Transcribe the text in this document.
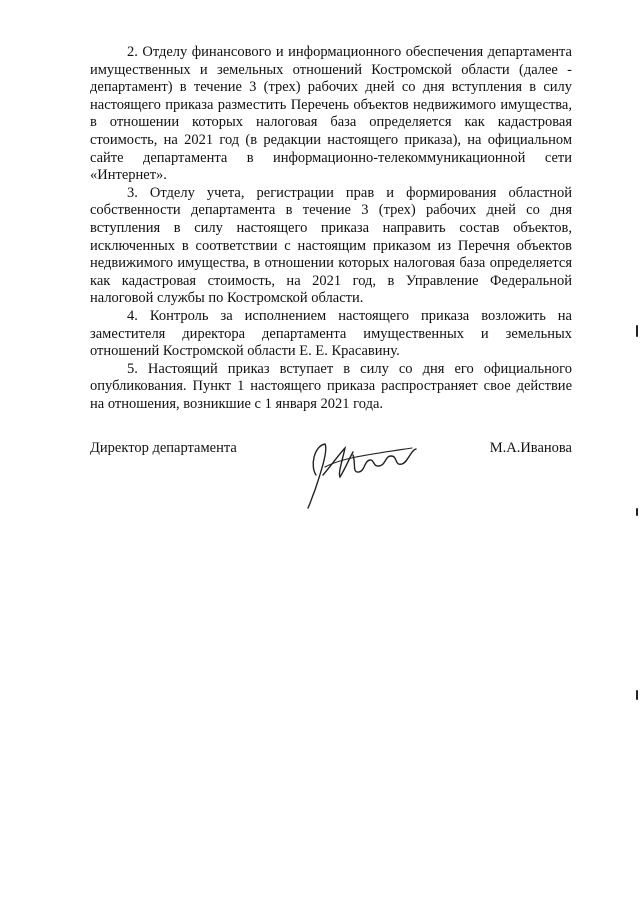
2. Отделу финансового и информационного обеспечения департамента имущественных и земельных отношений Костромской области (далее - департамент) в течение 3 (трех) рабочих дней со дня вступления в силу настоящего приказа разместить Перечень объектов недвижимого имущества, в отношении которых налоговая база определяется как кадастровая стоимость, на 2021 год (в редакции настоящего приказа), на официальном сайте департамента в информационно-телекоммуникационной сети «Интернет».

3. Отделу учета, регистрации прав и формирования областной собственности департамента в течение 3 (трех) рабочих дней со дня вступления в силу настоящего приказа направить состав объектов, исключенных в соответствии с настоящим приказом из Перечня объектов недвижимого имущества, в отношении которых налоговая база определяется как кадастровая стоимость, на 2021 год, в Управление Федеральной налоговой службы по Костромской области.

4. Контроль за исполнением настоящего приказа возложить на заместителя директора департамента имущественных и земельных отношений Костромской области Е. Е. Красавину.

5. Настоящий приказ вступает в силу со дня его официального опубликования. Пункт 1 настоящего приказа распространяет свое действие на отношения, возникшие с 1 января 2021 года.

Директор департамента	М.А.Иванова
